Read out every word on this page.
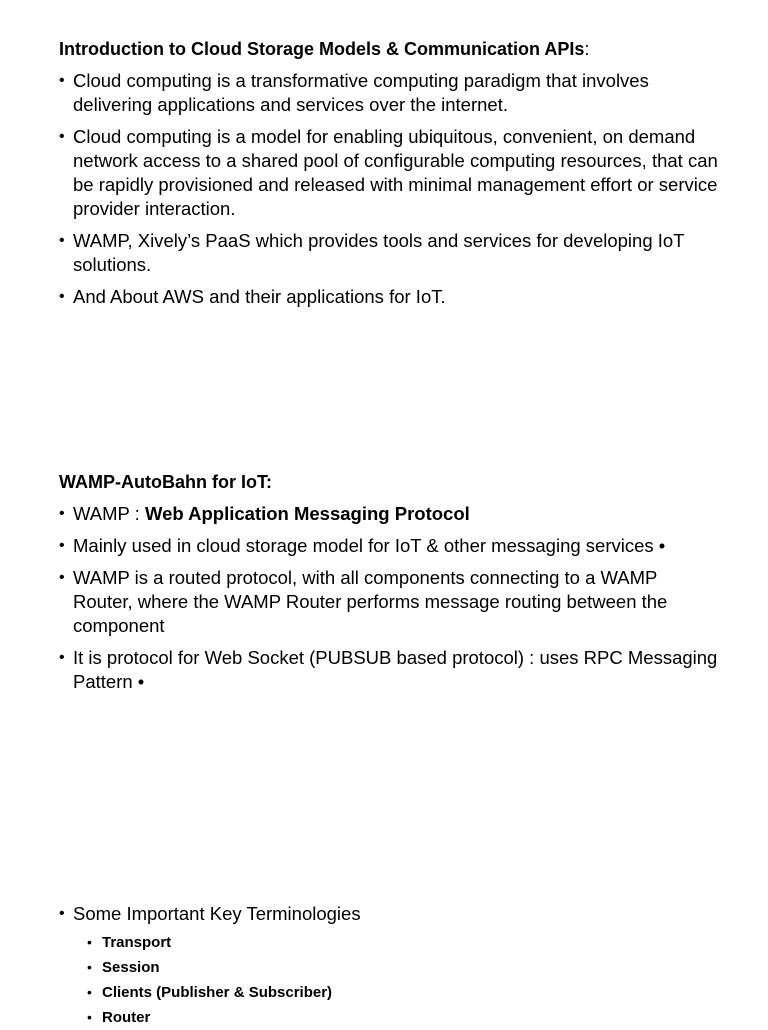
Introduction to Cloud Storage Models & Communication APIs:
• Cloud computing is a transformative computing paradigm that involves delivering applications and services over the internet.
• Cloud computing is a model for enabling ubiquitous, convenient, on demand network access to a shared pool of configurable computing resources, that can be rapidly provisioned and released with minimal management effort or service provider interaction.
• WAMP, Xively’s PaaS which provides tools and services for developing IoT solutions.
• And About AWS and their applications for IoT.
WAMP-AutoBahn for IoT:
• WAMP : Web Application Messaging Protocol
• Mainly used in cloud storage model for IoT & other messaging services •
• WAMP is a routed protocol, with all components connecting to a WAMP Router, where the WAMP Router performs message routing between the component
• It is protocol for Web Socket (PUBSUB based protocol) : uses RPC Messaging Pattern •
• Some Important Key Terminologies
• Transport
• Session
• Clients (Publisher & Subscriber)
• Router
